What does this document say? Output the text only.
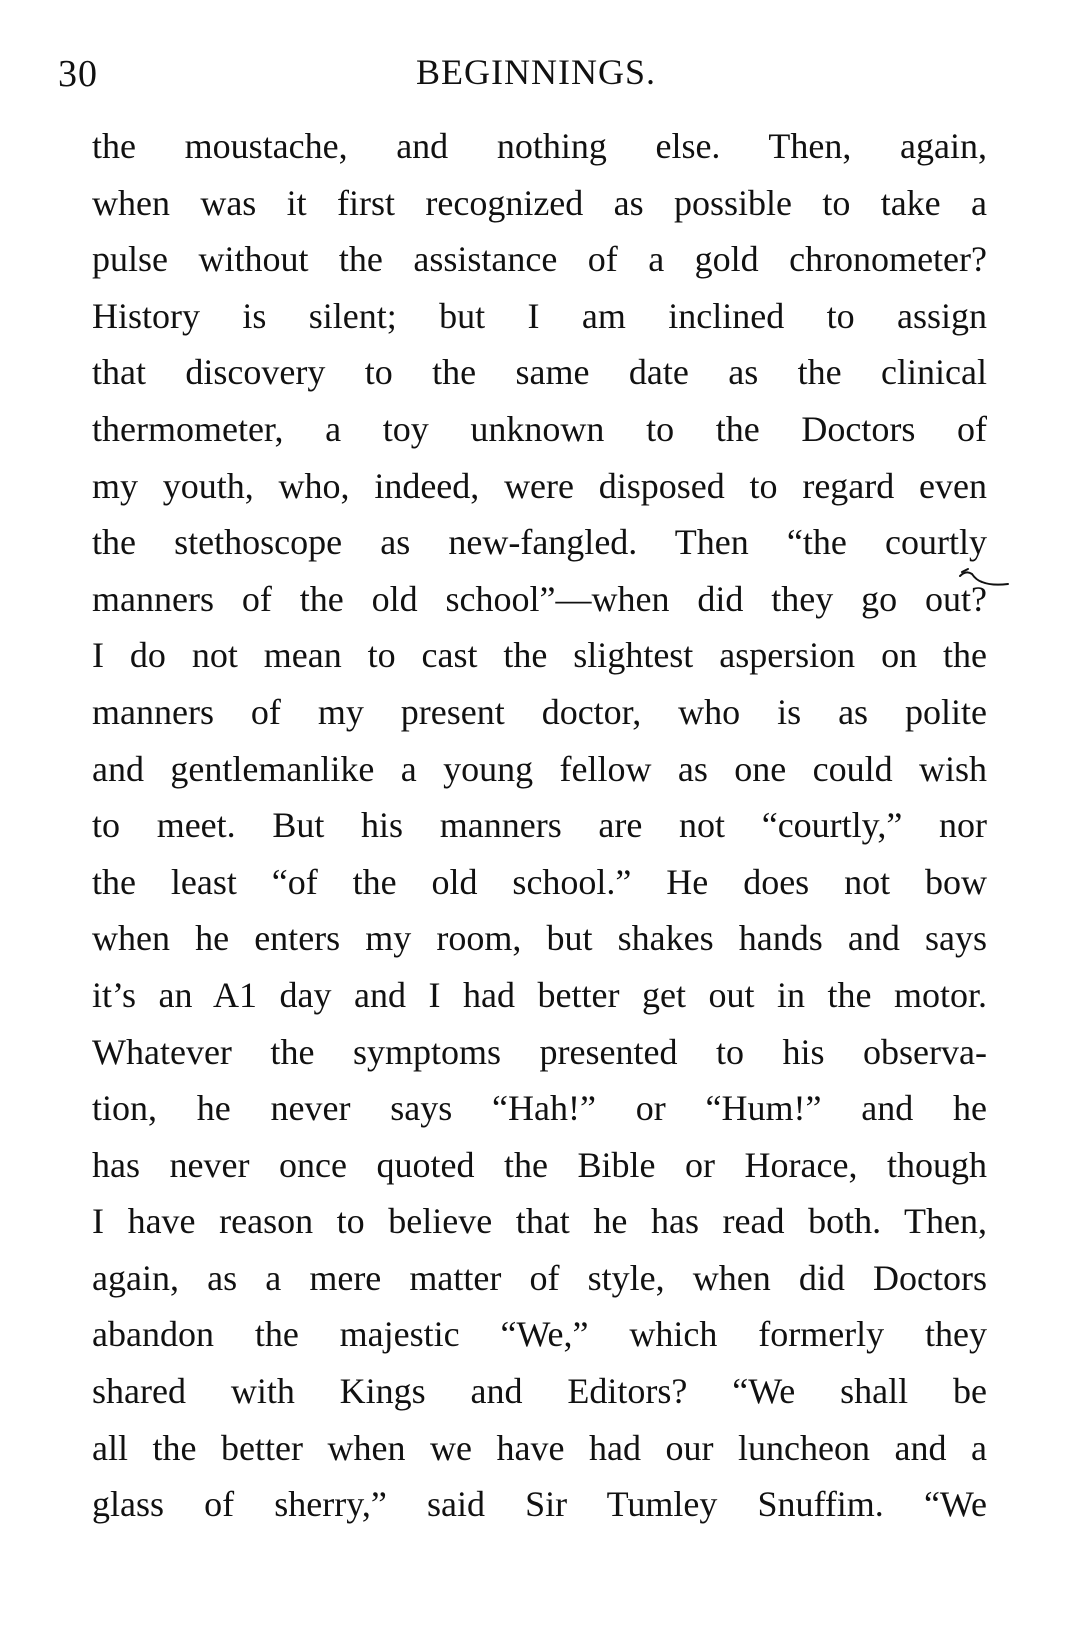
30	BEGINNINGS.
the moustache, and nothing else. Then, again,
when was it first recognized as possible to take a
pulse without the assistance of a gold chronometer?
History is silent; but I am inclined to assign
that discovery to the same date as the clinical
thermometer, a toy unknown to the Doctors of
my youth, who, indeed, were disposed to regard even
the stethoscope as new-fangled. Then “the courtly
manners of the old school”—when did they go out?
I do not mean to cast the slightest aspersion on the
manners of my present doctor, who is as polite
and gentlemanlike a young fellow as one could wish
to meet. But his manners are not “courtly,” nor
the least “of the old school.” He does not bow
when he enters my room, but shakes hands and says
it’s an A1 day and I had better get out in the motor.
Whatever the symptoms presented to his observa-
tion, he never says “Hah!” or “Hum!” and he
has never once quoted the Bible or Horace, though
I have reason to believe that he has read both. Then,
again, as a mere matter of style, when did Doctors
abandon the majestic “We,” which formerly they
shared with Kings and Editors? “We shall be
all the better when we have had our luncheon and a
glass of sherry,” said Sir Tumley Snuffim. “We
